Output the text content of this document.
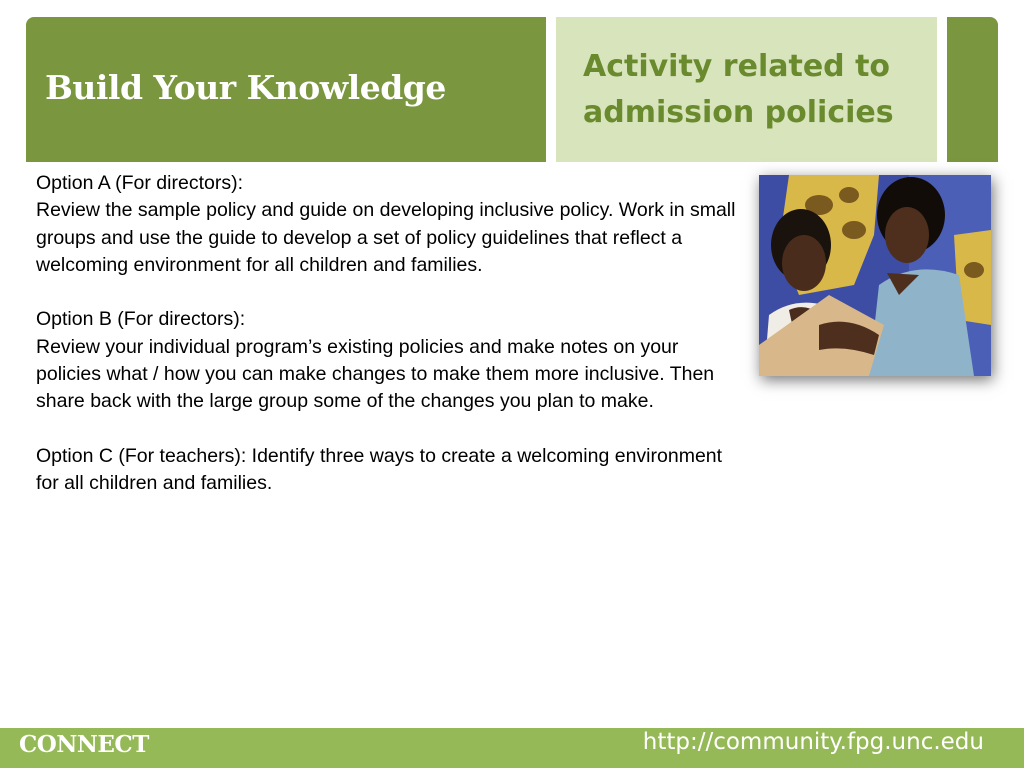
Build Your Knowledge
Activity related to admission policies

Option A (For directors):

Review the sample policy and guide on developing inclusive policy. Work in small groups and use the guide to develop a set of policy guidelines that reflect a welcoming environment for all children and families.

Option B (For directors):

Review your individual program’s existing policies and make notes on your policies what / how you can make changes to make them more inclusive. Then share back with the large group some of the changes you plan to make.

Option C (For teachers): Identify three ways to create a welcoming environment for all children and families.

CONNECT	http://community.fpg.unc.edu
